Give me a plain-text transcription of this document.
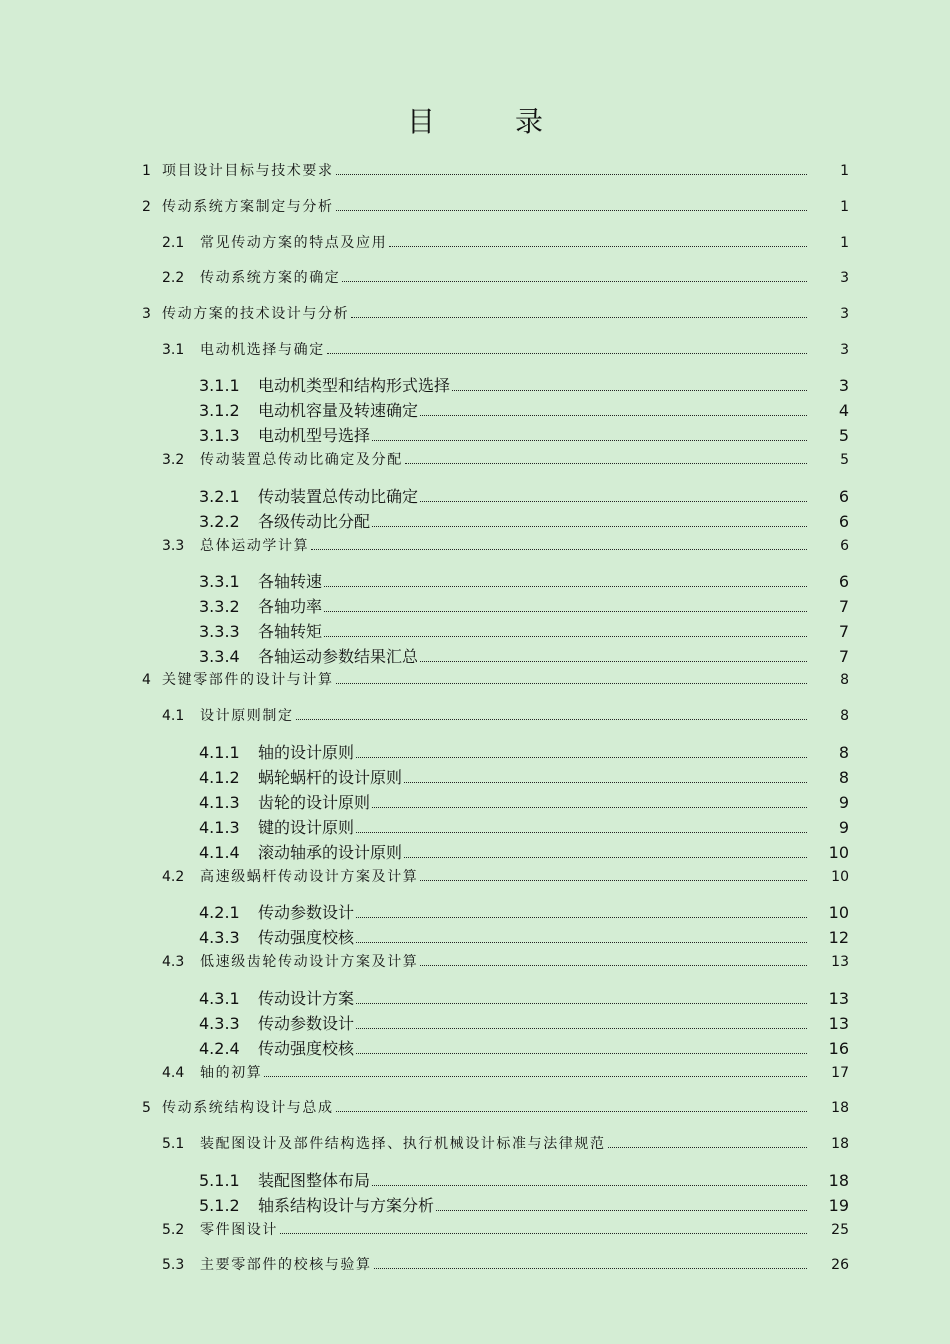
目　录
1 项目设计目标与技术要求	1
2 传动系统方案制定与分析	1
2.1	常见传动方案的特点及应用	1
2.2	传动系统方案的确定	3
3 传动方案的技术设计与分析	3
3.1	电动机选择与确定	3
3.1.1	电动机类型和结构形式选择	3
3.1.2	电动机容量及转速确定	4
3.1.3	电动机型号选择	5
3.2	传动装置总传动比确定及分配	5
3.2.1	传动装置总传动比确定	6
3.2.2	各级传动比分配	6
3.3	总体运动学计算	6
3.3.1	各轴转速	6
3.3.2	各轴功率	7
3.3.3	各轴转矩	7
3.3.4	各轴运动参数结果汇总	7
4 关键零部件的设计与计算	8
4.1	设计原则制定	8
4.1.1	轴的设计原则	8
4.1.2	蜗轮蜗杆的设计原则	8
4.1.3	齿轮的设计原则	9
4.1.3	键的设计原则	9
4.1.4	滚动轴承的设计原则	10
4.2	高速级蜗杆传动设计方案及计算	10
4.2.1	传动参数设计	10
4.3.3	传动强度校核	12
4.3	低速级齿轮传动设计方案及计算	13
4.3.1	传动设计方案	13
4.3.3	传动参数设计	13
4.2.4	传动强度校核	16
4.4	轴的初算	17
5 传动系统结构设计与总成	18
5.1	装配图设计及部件结构选择、执行机械设计标准与法律规范	18
5.1.1	装配图整体布局	18
5.1.2	轴系结构设计与方案分析	19
5.2	零件图设计	25
5.3	主要零部件的校核与验算	26
